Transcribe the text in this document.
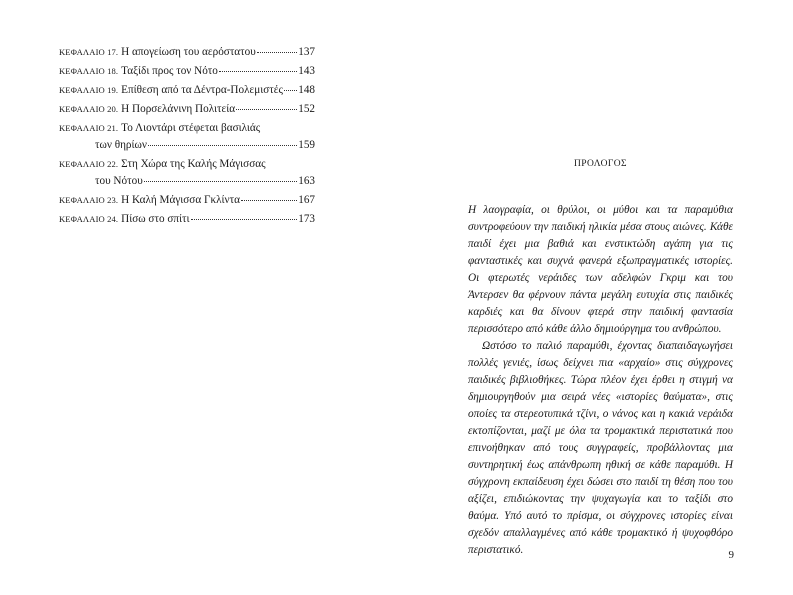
ΚΕΦΑΛΑΙΟ 17. Η απογείωση του αερόστατου	137
ΚΕΦΑΛΑΙΟ 18. Ταξίδι προς τον Νότο	143
ΚΕΦΑΛΑΙΟ 19. Επίθεση από τα Δέντρα-Πολεμιστές 148
ΚΕΦΑΛΑΙΟ 20. Η Πορσελάνινη Πολιτεία	152
ΚΕΦΑΛΑΙΟ 21. Το Λιοντάρι στέφεται βασιλιάς
των θηρίων	159
ΚΕΦΑΛΑΙΟ 22. Στη Χώρα της Καλής Μάγισσας
του Νότου	163
ΚΕΦΑΛΑΙΟ 23. Η Καλή Μάγισσα Γκλίντα	167
ΚΕΦΑΛΑΙΟ 24. Πίσω στο σπίτι	173
ΠΡΟΛΟΓΟΣ

Η λαογραφία, οι θρύλοι, οι μύθοι και τα παραμύθια συντροφεύουν την παιδική ηλικία μέσα στους αιώνες. Κάθε παιδί έχει μια βαθιά και ενστικτώδη αγάπη για τις φανταστικές και συχνά φανερά εξωπραγματικές ιστορίες. Οι φτερωτές νεράιδες των αδελφών Γκριμ και του Άντερσεν θα φέρνουν πάντα μεγάλη ευτυχία στις παιδικές καρδιές και θα δίνουν φτερά στην παιδική φαντασία περισσότερο από κάθε άλλο δημιούργημα του ανθρώπου.

Ωστόσο το παλιό παραμύθι, έχοντας διαπαιδαγωγήσει πολλές γενιές, ίσως δείχνει πια «αρχαίο» στις σύγχρονες παιδικές βιβλιοθήκες. Τώρα πλέον έχει έρθει η στιγμή να δημιουργηθούν μια σειρά νέες «ιστορίες θαύματα», στις οποίες τα στερεοτυπικά τζίνι, ο νάνος και η κακιά νεράιδα εκτοπίζονται, μαζί με όλα τα τρομακτικά περιστατικά που επινοήθηκαν από τους συγγραφείς, προβάλλοντας μια συντηρητική έως απάνθρωπη ηθική σε κάθε παραμύθι. Η σύγχρονη εκπαίδευση έχει δώσει στο παιδί τη θέση που του αξίζει, επιδιώκοντας την ψυχαγωγία και το ταξίδι στο θαύμα. Υπό αυτό το πρίσμα, οι σύγχρονες ιστορίες είναι σχεδόν απαλλαγμένες από κάθε τρομακτικό ή ψυχοφθόρο περιστατικό.	9
